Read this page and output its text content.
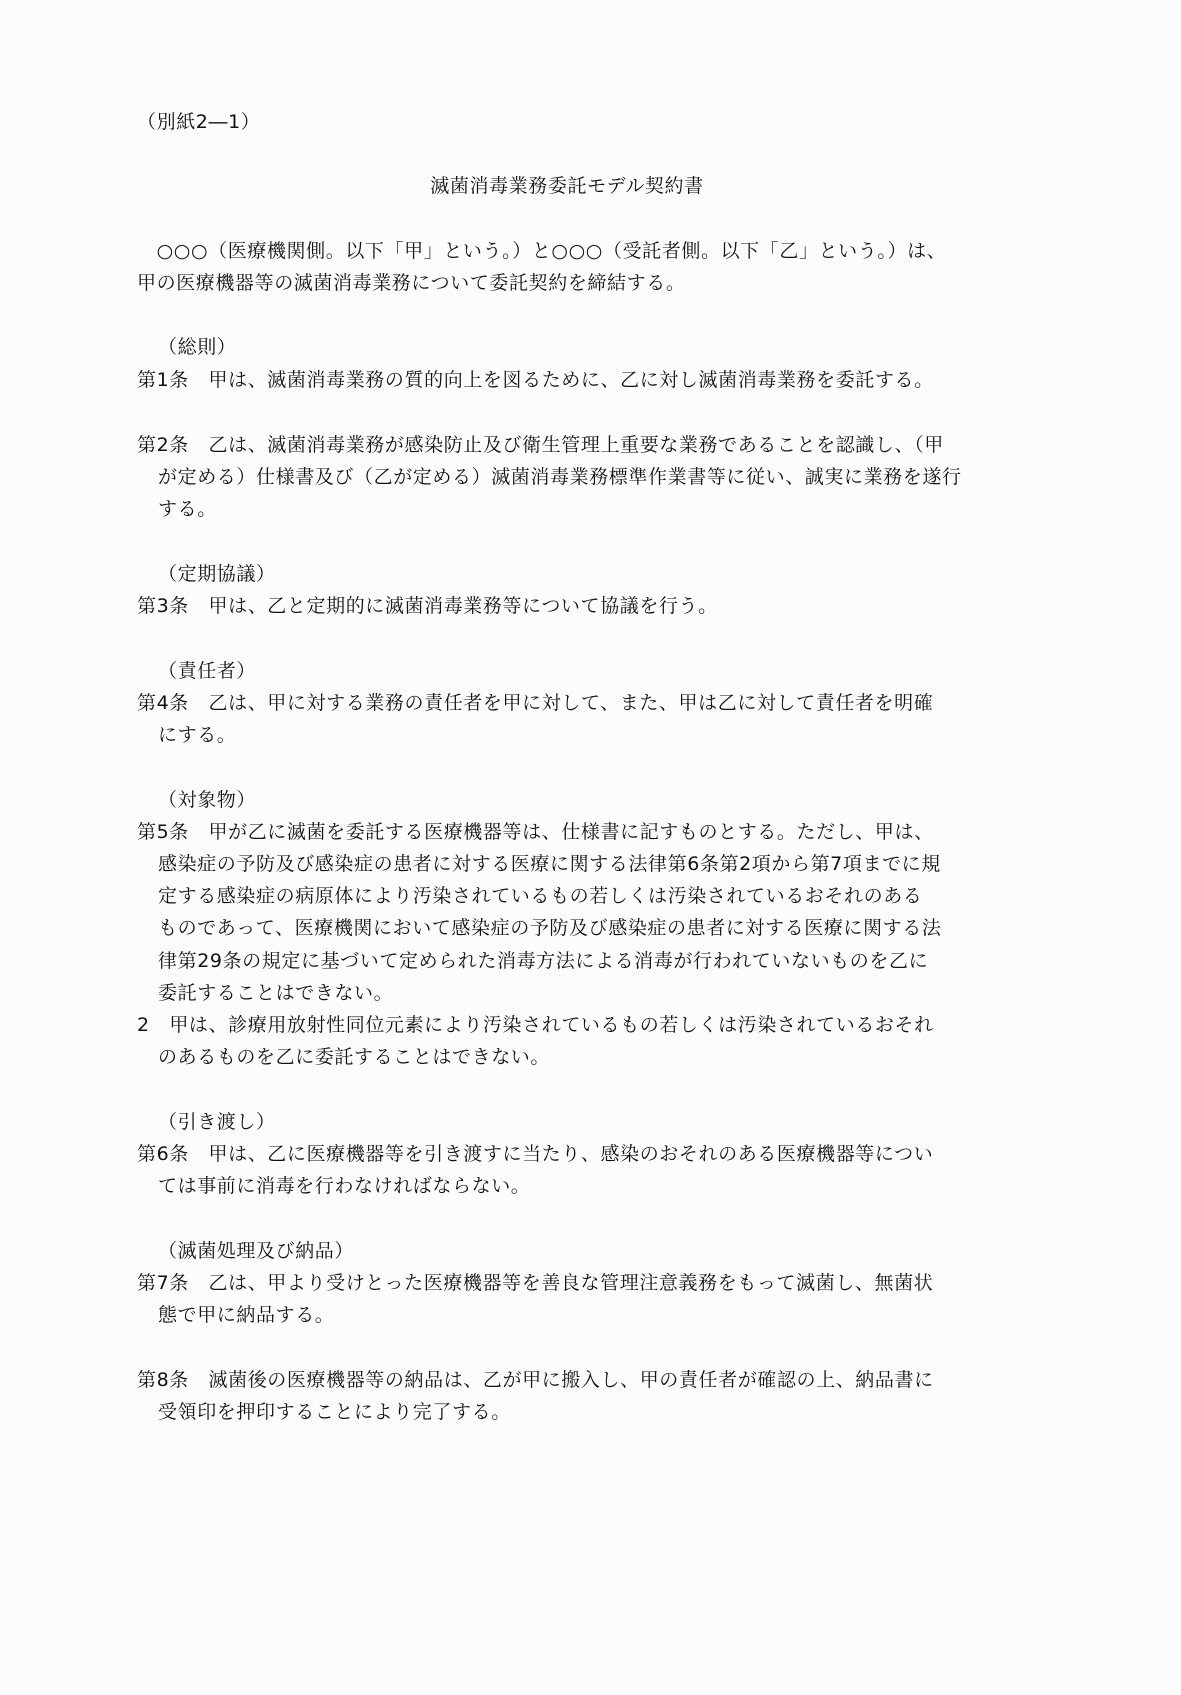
（別紙2―1）
滅菌消毒業務委託モデル契約書
　○○○（医療機関側。以下「甲」という。）と○○○（受託者側。以下「乙」という。）は、
甲の医療機器等の滅菌消毒業務について委託契約を締結する。
（総則）
第1条　 甲は、滅菌消毒業務の質的向上を図るために、乙に対し滅菌消毒業務を委託する。
第2条　 乙は、滅菌消毒業務が感染防止及び衛生管理上重要な業務であることを認識し、（甲
が定める）仕様書及び（乙が定める）滅菌消毒業務標準作業書等に従い、誠実に業務を遂行
する。
（定期協議）
第3条　 甲は、乙と定期的に滅菌消毒業務等について協議を行う。
（責任者）
第4条　 乙は、甲に対する業務の責任者を甲に対して、また、甲は乙に対して責任者を明確
にする。
（対象物）
第5条　 甲が乙に滅菌を委託する医療機器等は、仕様書に記すものとする。ただし、甲は、
感染症の予防及び感染症の患者に対する医療に関する法律第6条第2項から第7項までに規
定する感染症の病原体により汚染されているもの若しくは汚染されているおそれのある
ものであって、医療機関において感染症の予防及び感染症の患者に対する医療に関する法
律第29条の規定に基づいて定められた消毒方法による消毒が行われていないものを乙に
委託することはできない。
2　 甲は、診療用放射性同位元素により汚染されているもの若しくは汚染されているおそれ
のあるものを乙に委託することはできない。
（引き渡し）
第6条　 甲は、乙に医療機器等を引き渡すに当たり、感染のおそれのある医療機器等につい
ては事前に消毒を行わなければならない。
（滅菌処理及び納品）
第7条　 乙は、甲より受けとった医療機器等を善良な管理注意義務をもって滅菌し、無菌状
態で甲に納品する。
第8条　 滅菌後の医療機器等の納品は、乙が甲に搬入し、甲の責任者が確認の上、納品書に
受領印を押印することにより完了する。
